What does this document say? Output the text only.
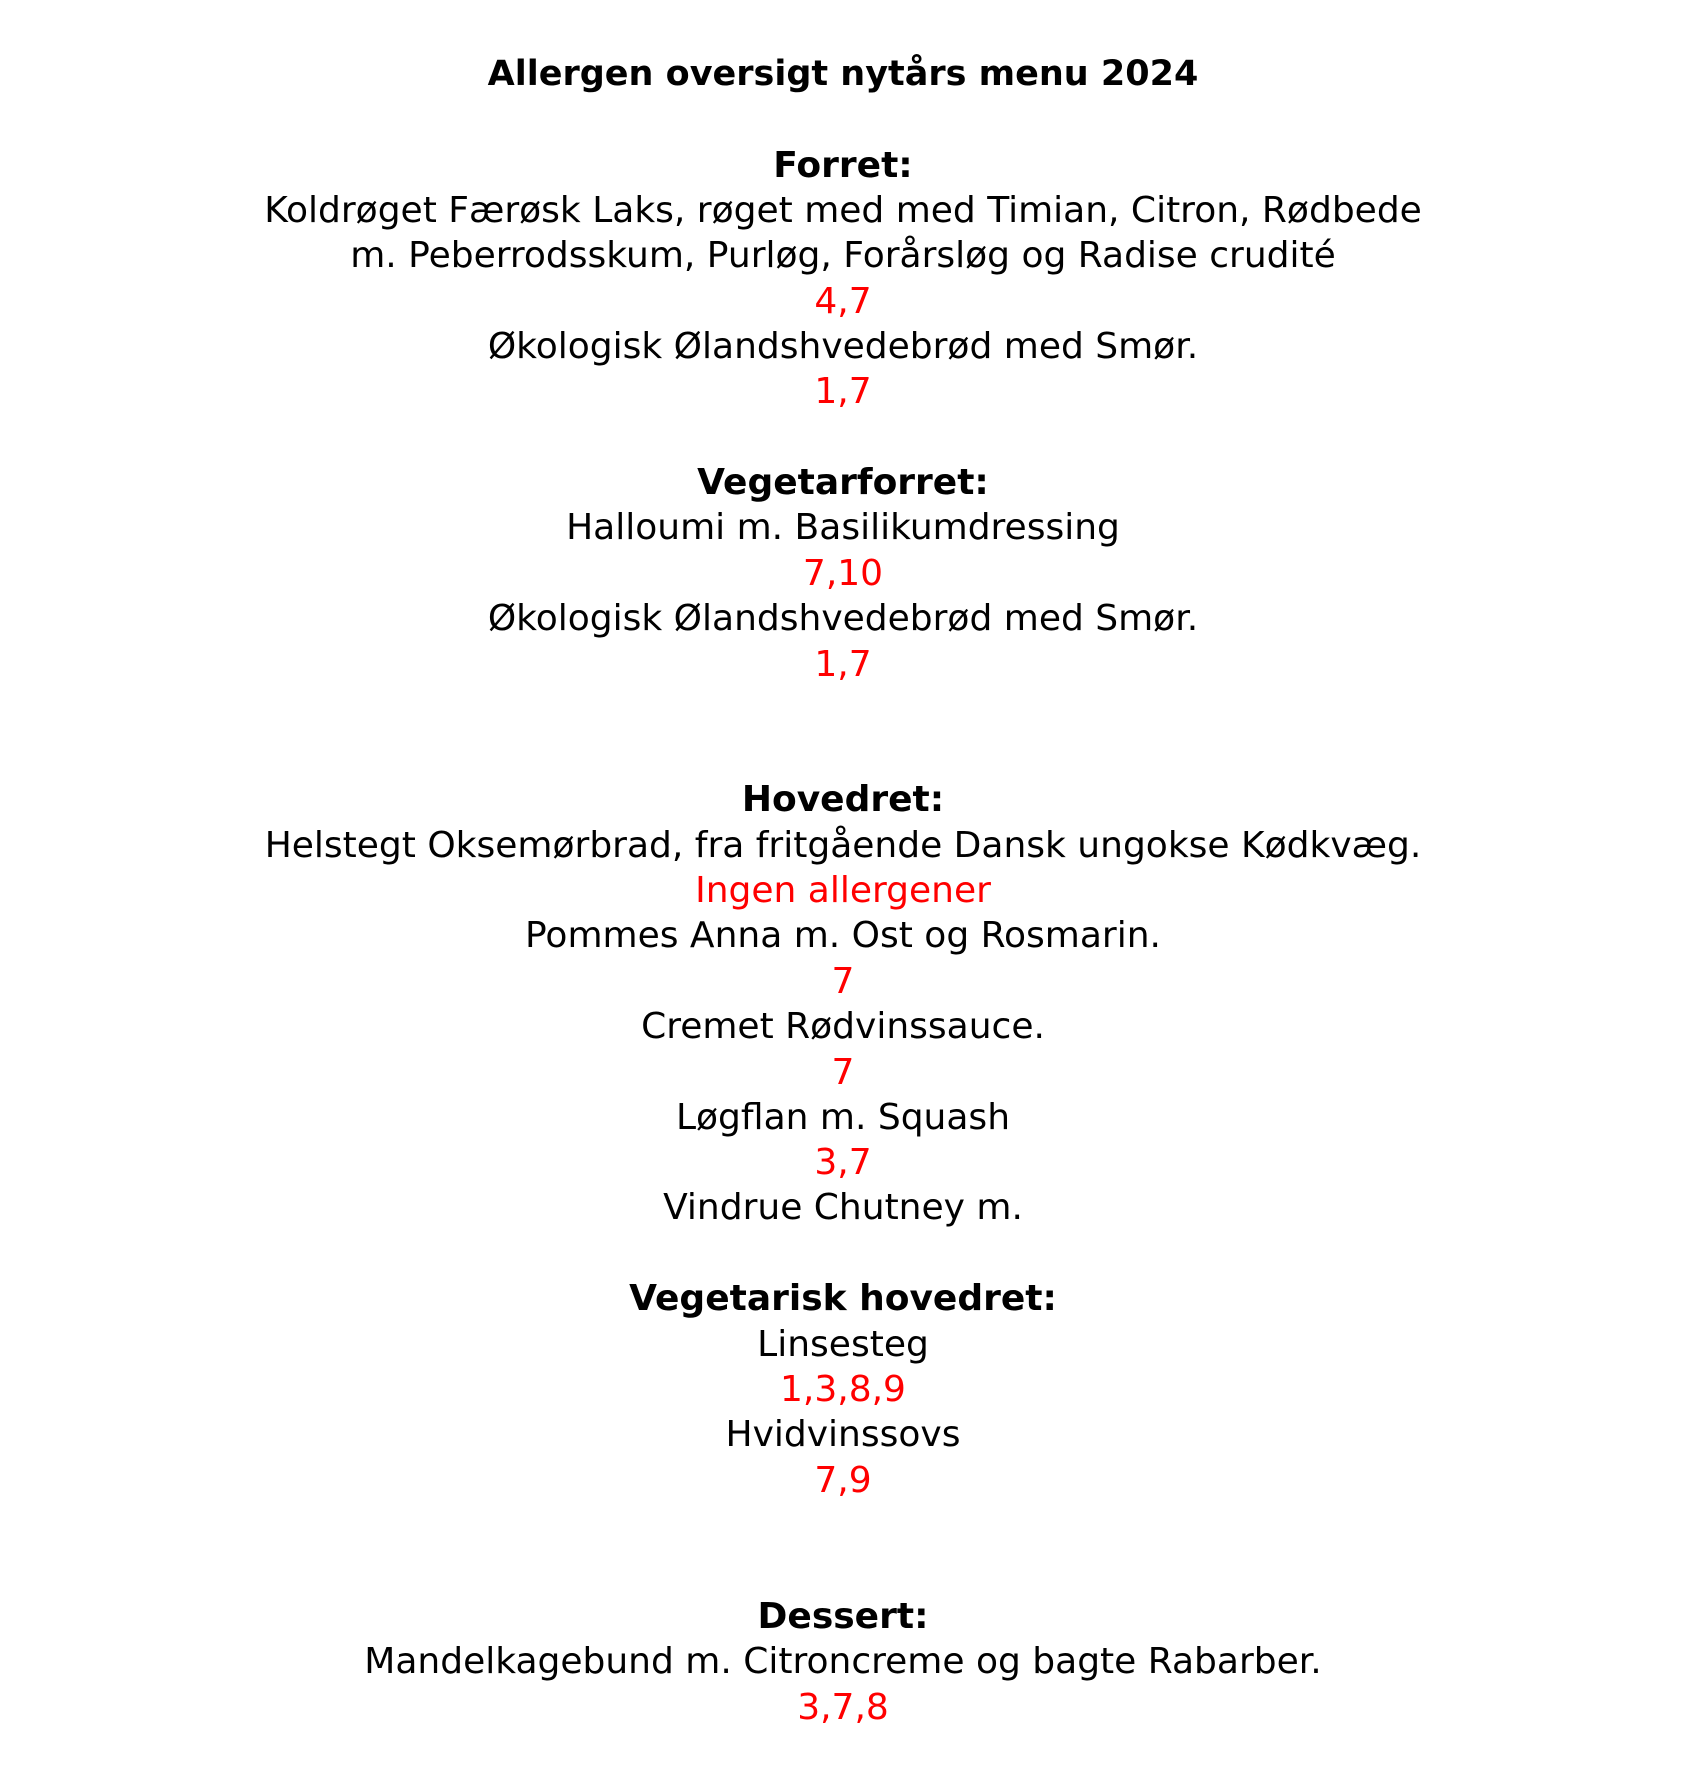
Allergen oversigt nytårs menu 2024
Forret:
Koldrøget Færøsk Laks, røget med med Timian, Citron, Rødbede
m. Peberrodsskum, Purløg, Forårsløg og Radise crudité
4,7
Økologisk Ølandshvedebrød med Smør.
1,7
Vegetarforret:
Halloumi m. Basilikumdressing
7,10
Økologisk Ølandshvedebrød med Smør.
1,7
Hovedret:
Helstegt Oksemørbrad, fra fritgående Dansk ungokse Kødkvæg.
Ingen allergener
Pommes Anna m. Ost og Rosmarin.
7
Cremet Rødvinssauce.
7
Løgflan m. Squash
3,7
Vindrue Chutney m.
Vegetarisk hovedret:
Linsesteg
1,3,8,9
Hvidvinssovs
7,9
Dessert:
Mandelkagebund m. Citroncreme og bagte Rabarber.
3,7,8
